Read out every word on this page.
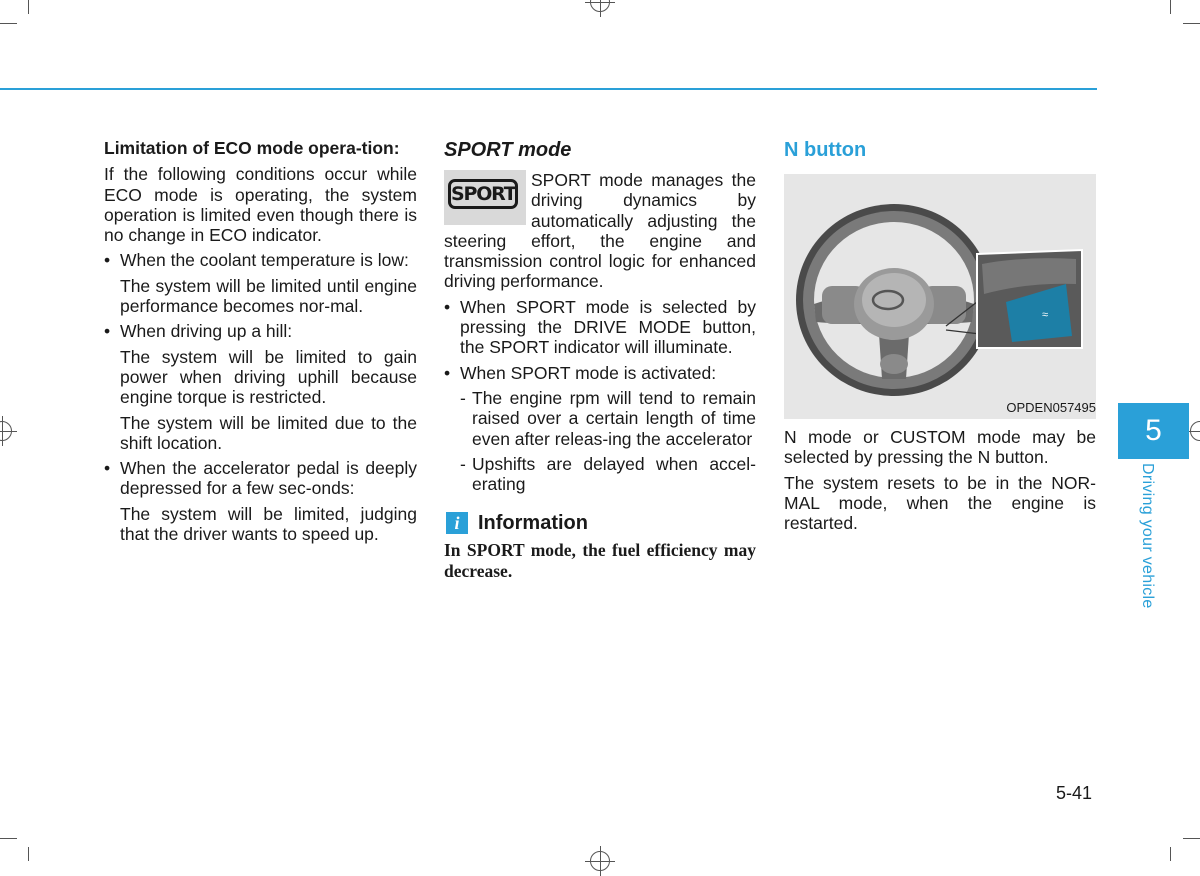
Limitation of ECO mode opera-tion:

If the following conditions occur while ECO mode is operating, the system operation is limited even though there is no change in ECO indicator.

• When the coolant temperature is low:

The system will be limited until engine performance becomes nor-mal.

• When driving up a hill:

The system will be limited to gain power when driving uphill because engine torque is restricted.

The system will be limited due to the shift location.

• When the accelerator pedal is deeply depressed for a few sec-onds:

The system will be limited, judging that the driver wants to speed up.

SPORT mode
SPORT
SPORT mode manages the driving dynamics by automatically adjusting the steering effort, the engine and transmission control logic for enhanced driving performance.

• When SPORT mode is selected by pressing the DRIVE MODE button, the SPORT indicator will illuminate.

• When SPORT mode is activated:

- The engine rpm will tend to remain raised over a certain length of time even after releas-ing the accelerator

- Upshifts are delayed when accel-erating

i Information
In SPORT mode, the fuel efficiency may decrease.
N button
≈
OPDEN057495

N mode or CUSTOM mode may be selected by pressing the N button.

The system resets to be in the NOR-MAL mode, when the engine is restarted.

5
Driving your vehicle
5-41
